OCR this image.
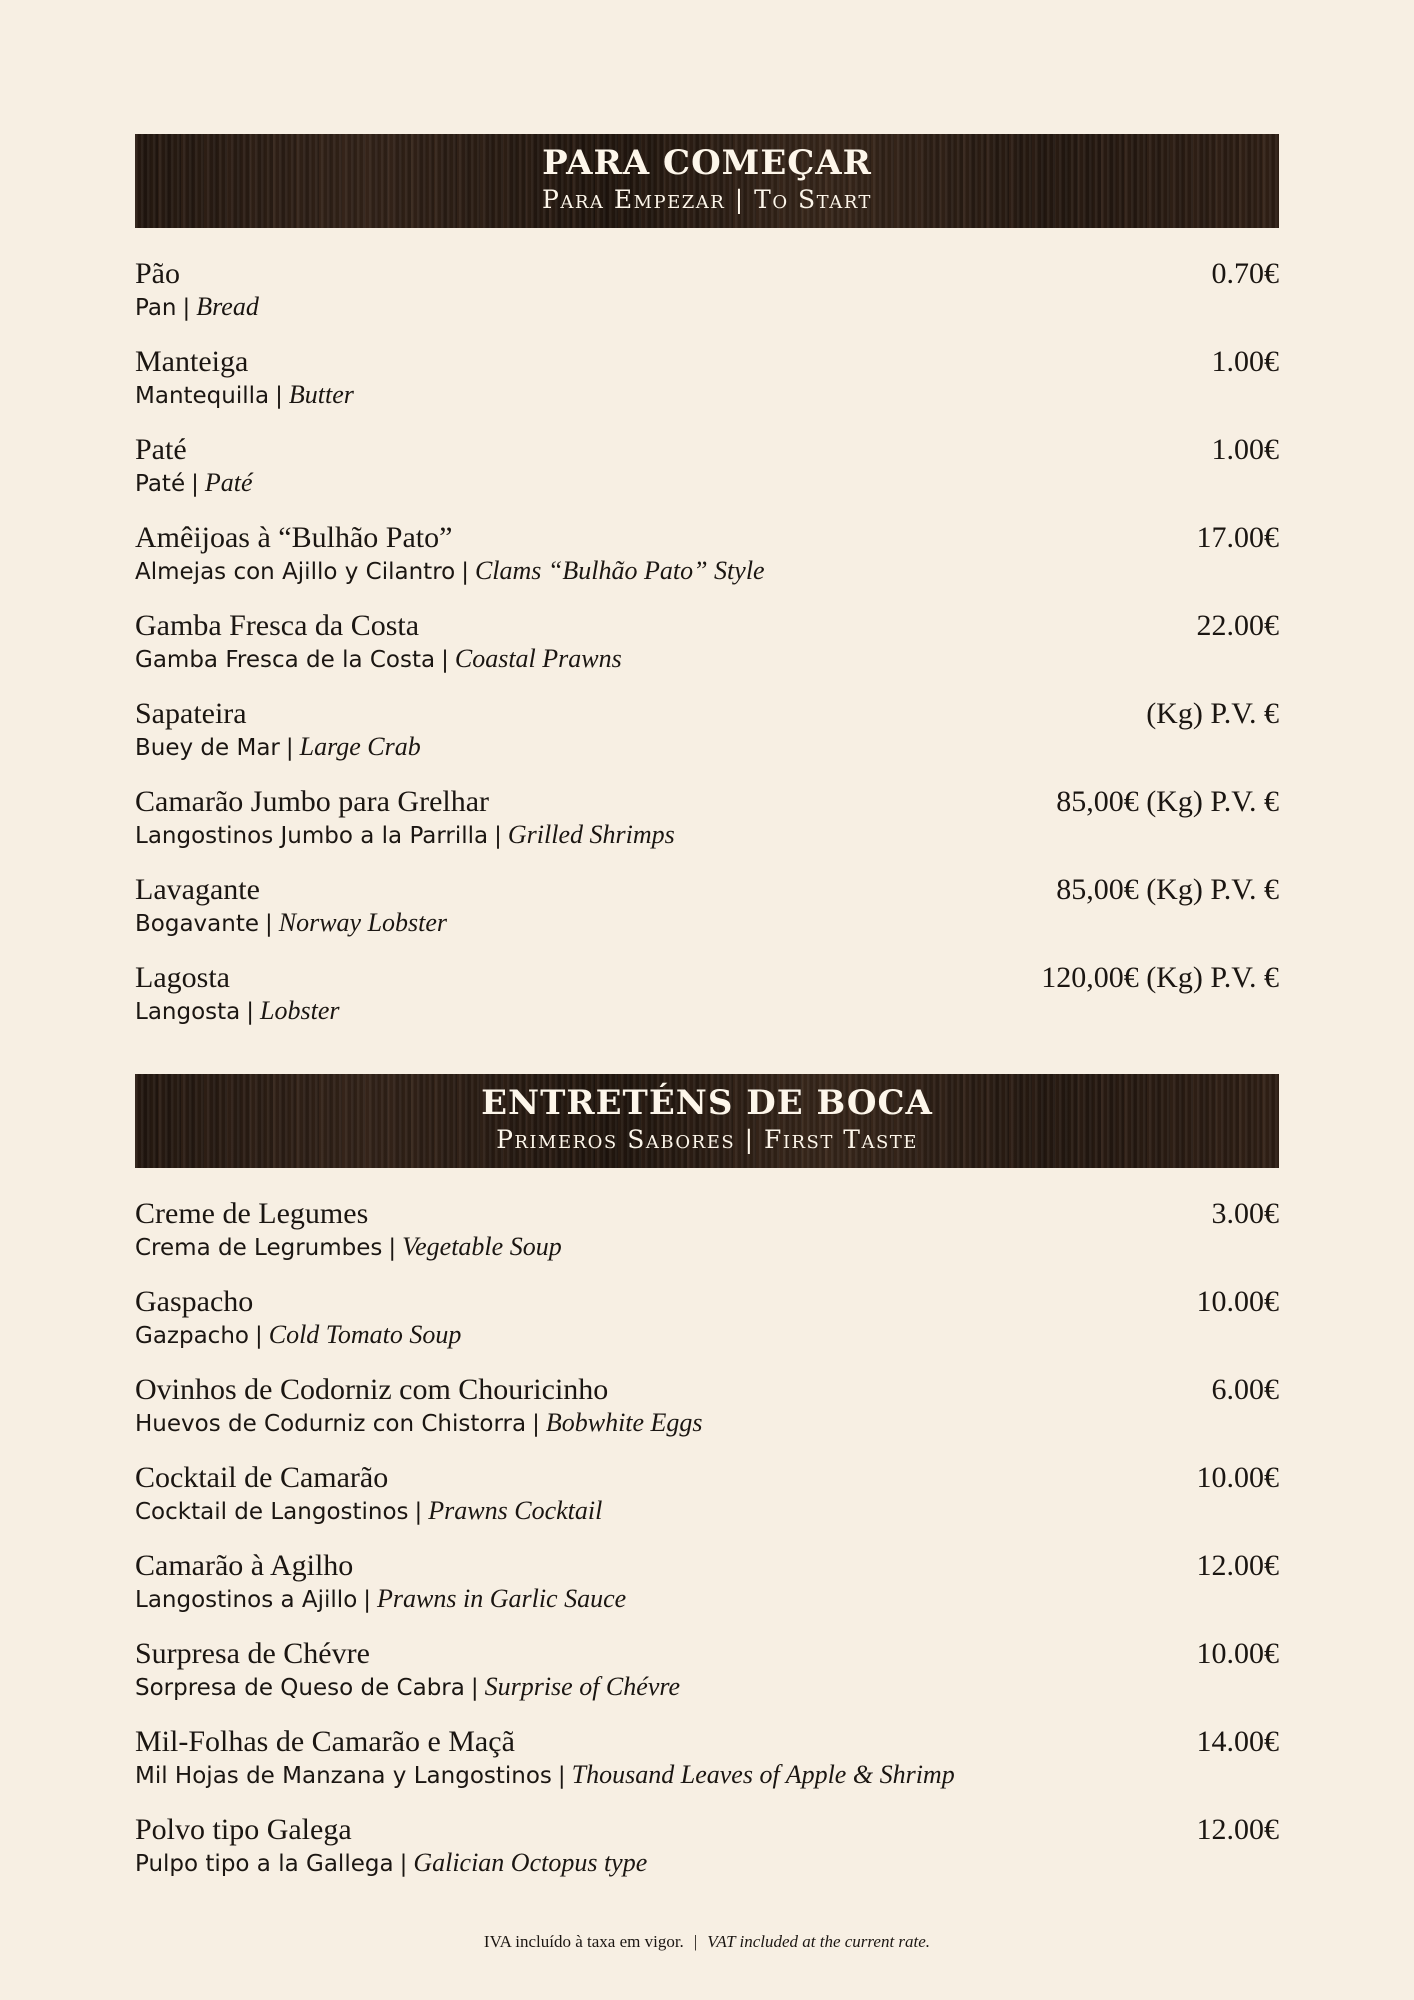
PARA COMEÇAR
Para Empezar | To Start
Pão
Pan | Bread
0.70€
Manteiga
Mantequilla | Butter
1.00€
Paté
Paté | Paté
1.00€
Amêijoas à “Bulhão Pato”
Almejas con Ajillo y Cilantro | Clams “Bulhão Pato” Style
17.00€
Gamba Fresca da Costa
Gamba Fresca de la Costa | Coastal Prawns
22.00€
Sapateira
Buey de Mar | Large Crab
(Kg) P.V. €
Camarão Jumbo para Grelhar
Langostinos Jumbo a la Parrilla | Grilled Shrimps
85,00€ (Kg) P.V. €
Lavagante
Bogavante | Norway Lobster
85,00€ (Kg) P.V. €
Lagosta
Langosta | Lobster
120,00€ (Kg) P.V. €
ENTRETÉNS DE BOCA
Primeros Sabores | First Taste
Creme de Legumes
Crema de Legrumbes | Vegetable Soup
3.00€
Gaspacho
Gazpacho | Cold Tomato Soup
10.00€
Ovinhos de Codorniz com Chouricinho
Huevos de Codurniz con Chistorra | Bobwhite Eggs
6.00€
Cocktail de Camarão
Cocktail de Langostinos | Prawns Cocktail
10.00€
Camarão à Agilho
Langostinos a Ajillo | Prawns in Garlic Sauce
12.00€
Surpresa de Chévre
Sorpresa de Queso de Cabra | Surprise of Chévre
10.00€
Mil-Folhas de Camarão e Maçã
Mil Hojas de Manzana y Langostinos | Thousand Leaves of Apple & Shrimp
14.00€
Polvo tipo Galega
Pulpo tipo a la Gallega | Galician Octopus type
12.00€
IVA incluído à taxa em vigor. | VAT included at the current rate.
